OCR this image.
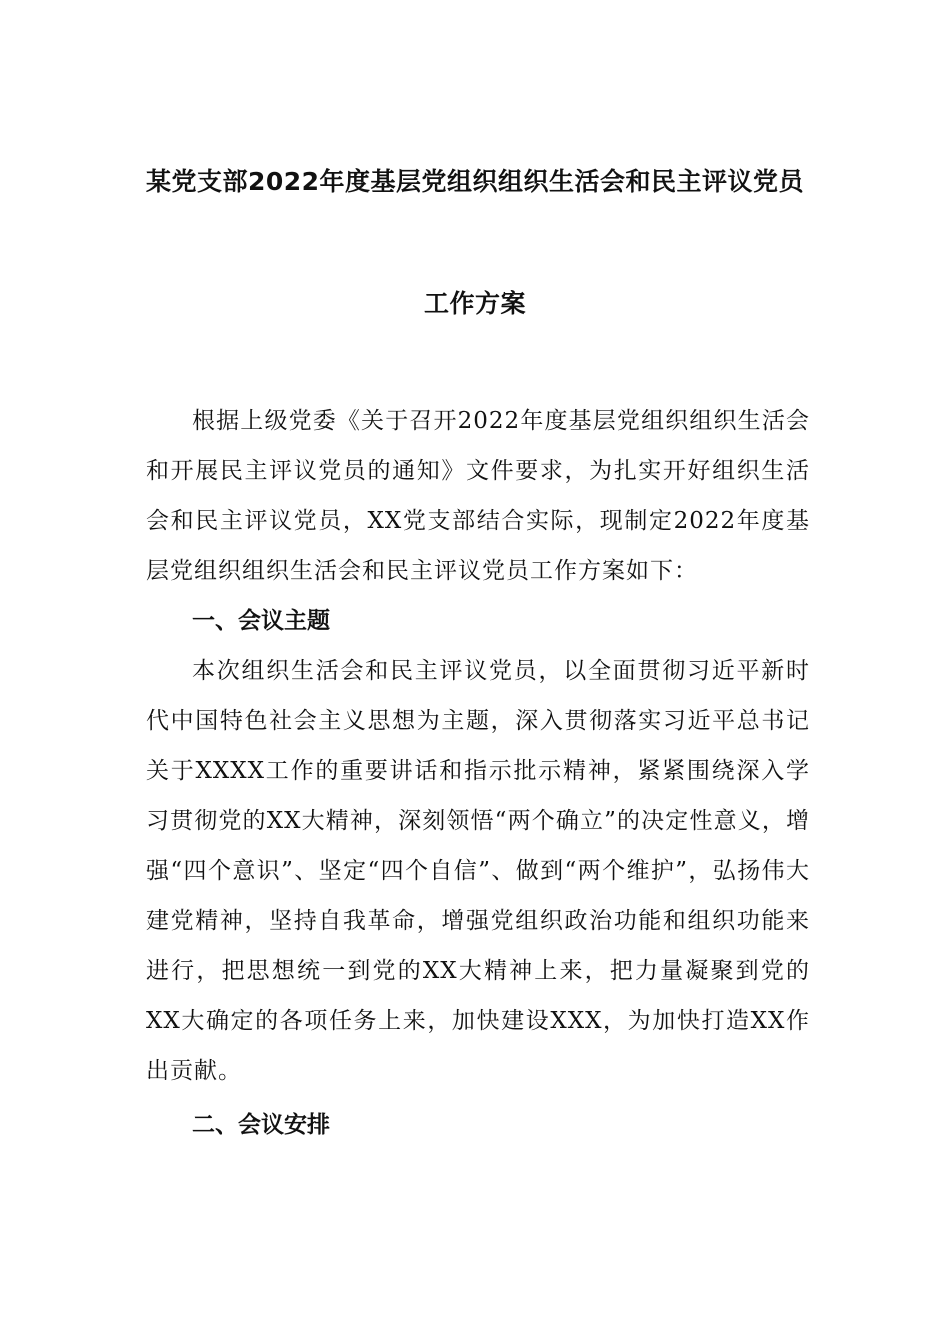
某党支部2022年度基层党组织组织生活会和民主评议党员
工作方案

根据上级党委《关于召开2022年度基层党组织组织生活会和开展民主评议党员的通知》文件要求，为扎实开好组织生活会和民主评议党员，XX党支部结合实际，现制定2022年度基层党组织组织生活会和民主评议党员工作方案如下：

一、会议主题

本次组织生活会和民主评议党员，以全面贯彻习近平新时代中国特色社会主义思想为主题，深入贯彻落实习近平总书记关于XXXX工作的重要讲话和指示批示精神，紧紧围绕深入学习贯彻党的XX大精神，深刻领悟“两个确立”的决定性意义，增强“四个意识”、坚定“四个自信”、做到“两个维护”，弘扬伟大建党精神，坚持自我革命，增强党组织政治功能和组织功能来进行，把思想统一到党的XX大精神上来，把力量凝聚到党的XX大确定的各项任务上来，加快建设XXX，为加快打造XX作出贡献。

二、会议安排
